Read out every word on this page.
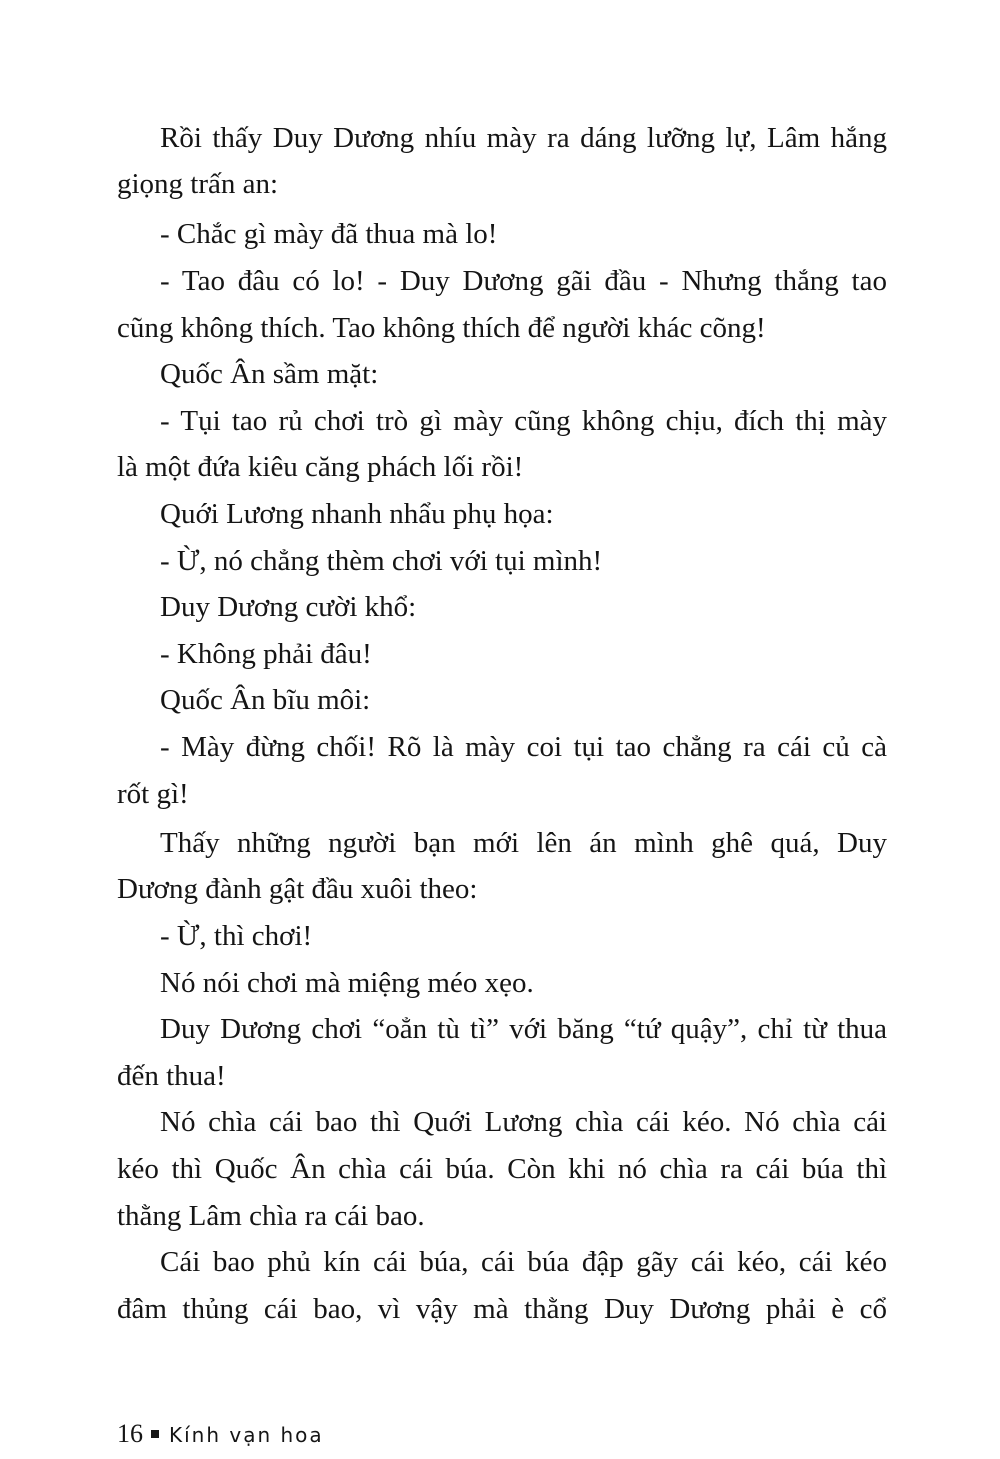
Rồi thấy Duy Dương nhíu mày ra dáng lưỡng lự, Lâm hắng
giọng trấn an:
- Chắc gì mày đã thua mà lo!
- Tao đâu có lo! - Duy Dương gãi đầu - Nhưng thắng tao
cũng không thích. Tao không thích để người khác cõng!
Quốc Ân sầm mặt:
- Tụi tao rủ chơi trò gì mày cũng không chịu, đích thị mày
là một đứa kiêu căng phách lối rồi!
Quới Lương nhanh nhẩu phụ họa:
- Ừ, nó chẳng thèm chơi với tụi mình!
Duy Dương cười khổ:
- Không phải đâu!
Quốc Ân bĩu môi:
- Mày đừng chối! Rõ là mày coi tụi tao chẳng ra cái củ cà
rốt gì!
Thấy những người bạn mới lên án mình ghê quá, Duy
Dương đành gật đầu xuôi theo:
- Ừ, thì chơi!
Nó nói chơi mà miệng méo xẹo.
Duy Dương chơi “oẳn tù tì” với băng “tứ quậy”, chỉ từ thua
đến thua!
Nó chìa cái bao thì Quới Lương chìa cái kéo. Nó chìa cái
kéo thì Quốc Ân chìa cái búa. Còn khi nó chìa ra cái búa thì
thằng Lâm chìa ra cái bao.
Cái bao phủ kín cái búa, cái búa đập gãy cái kéo, cái kéo
đâm thủng cái bao, vì vậy mà thằng Duy Dương phải è cổ
16 Kính vạn hoa
